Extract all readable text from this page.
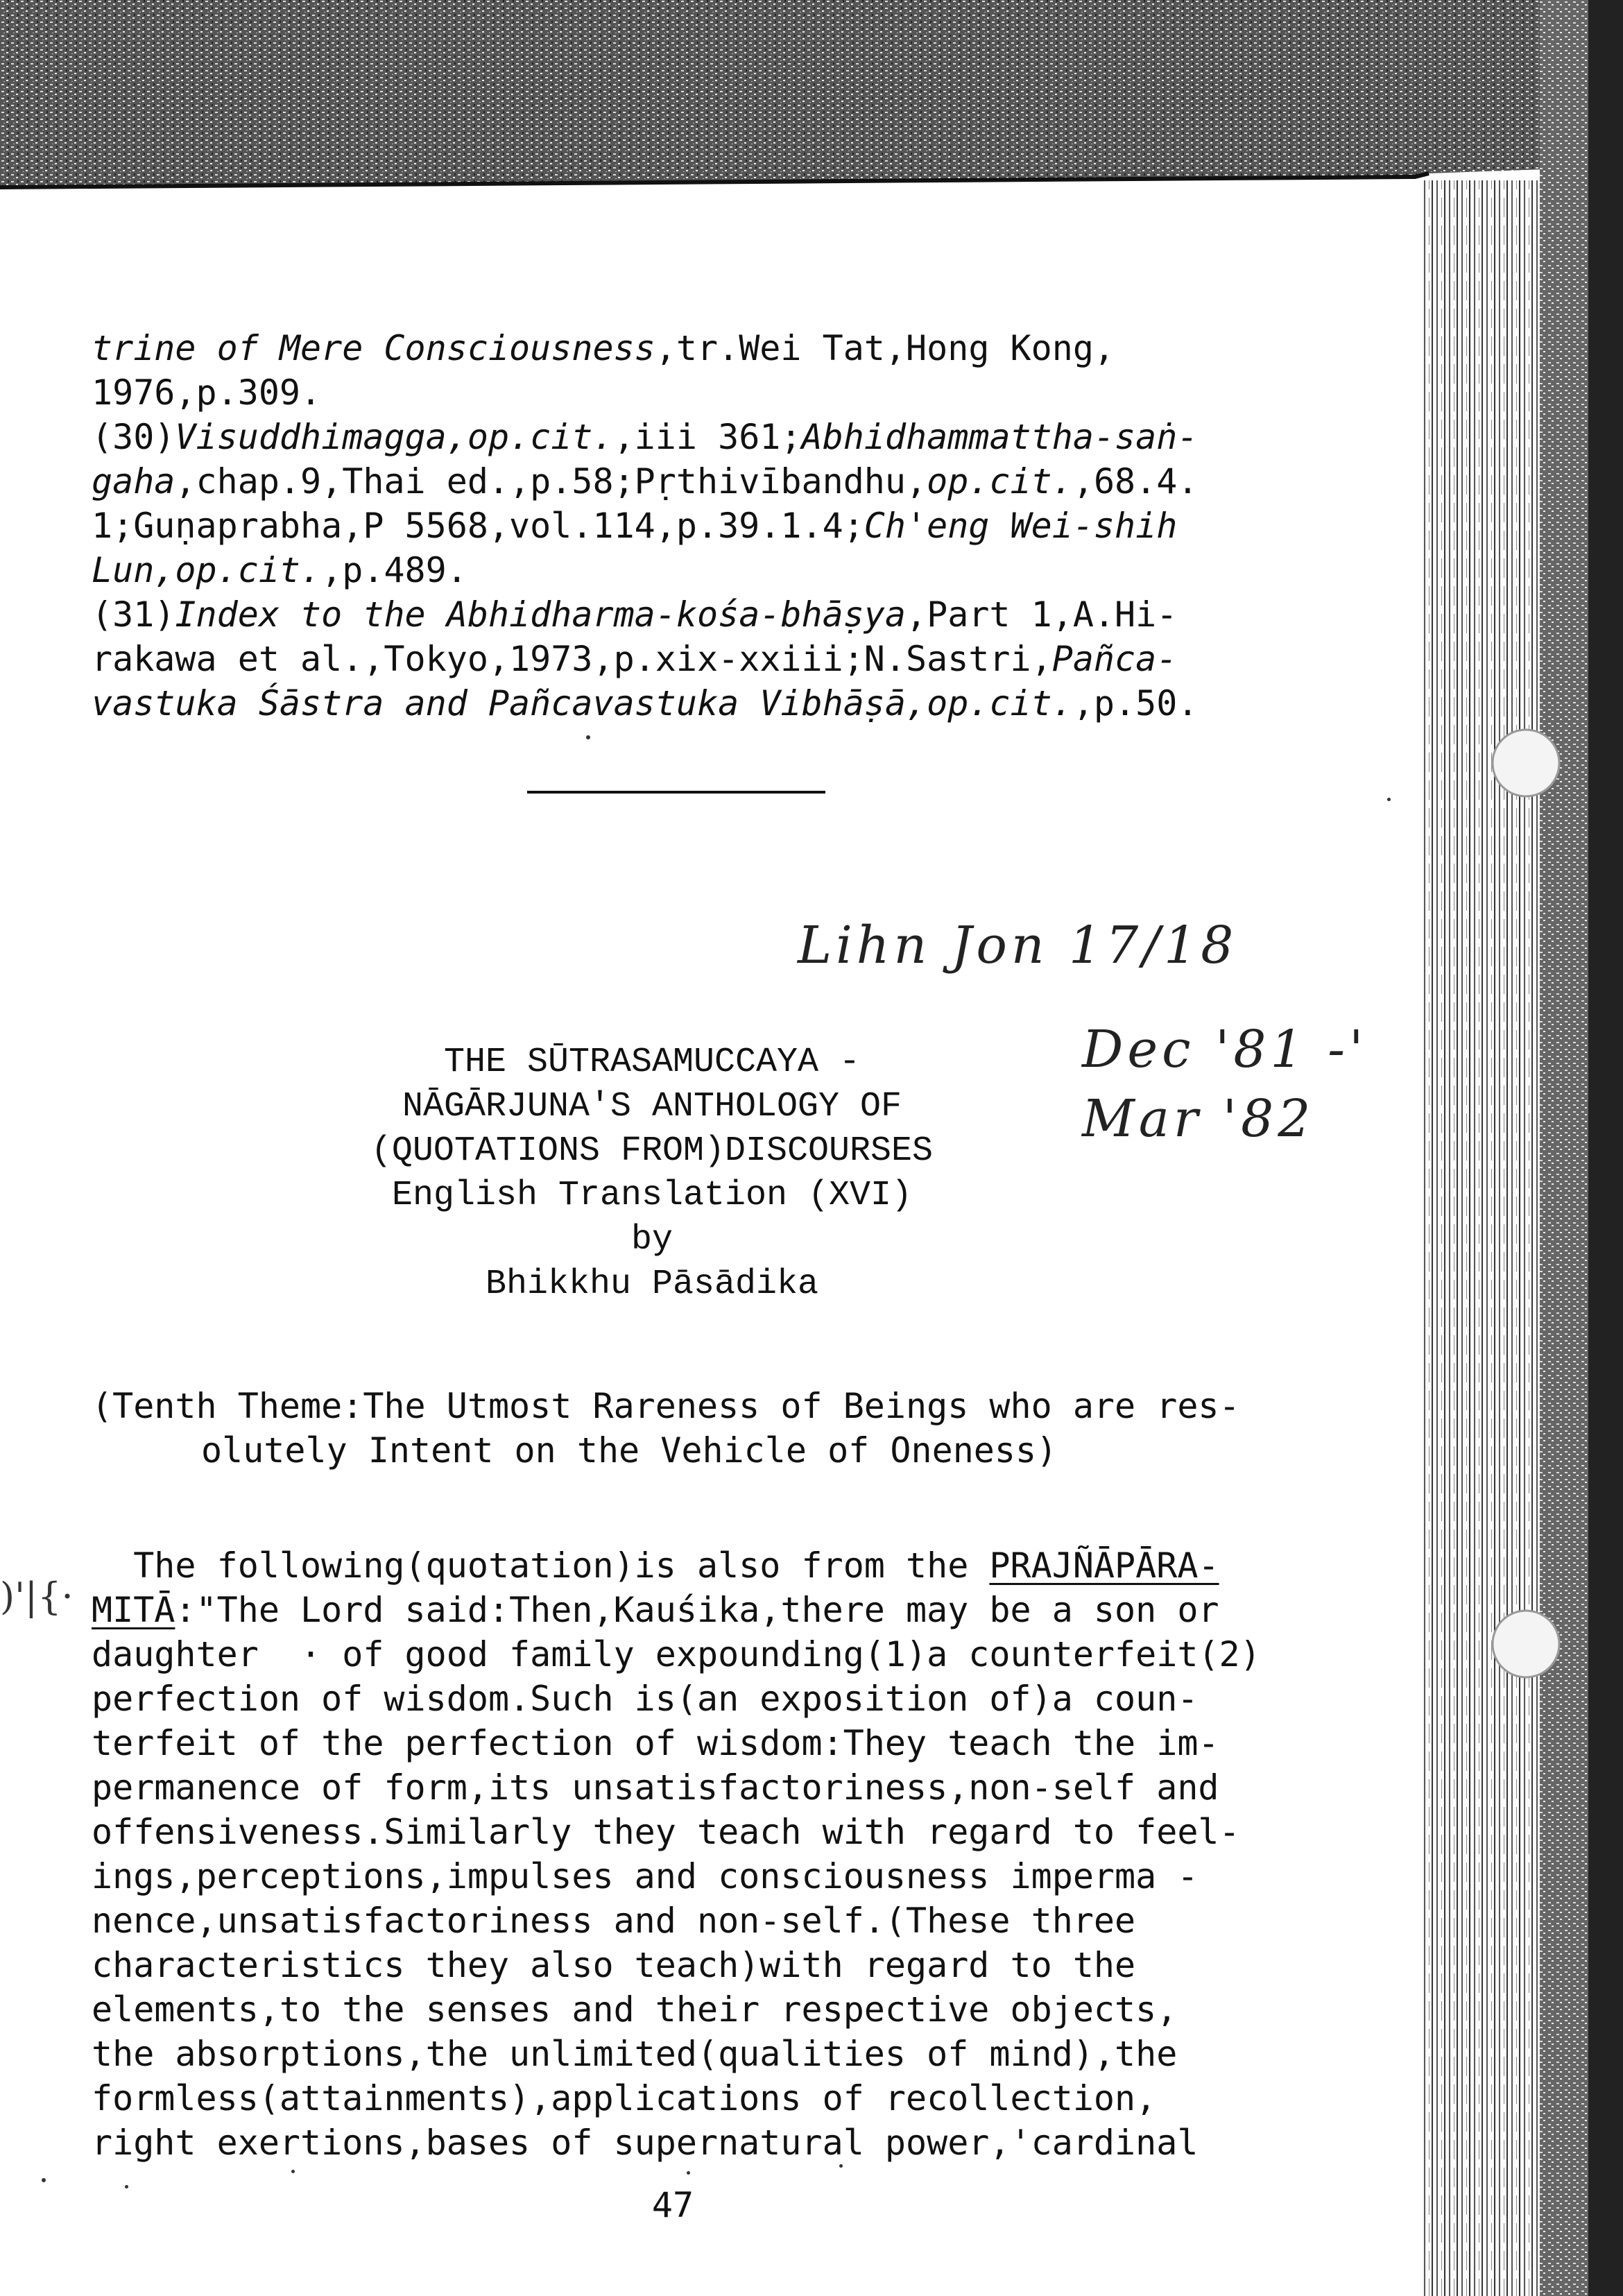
trine of Mere Consciousness,tr.Wei Tat,Hong Kong,
1976,p.309.
(30)Visuddhimagga,op.cit.,iii 361;Abhidhammattha-saṅ-
gaha,chap.9,Thai ed.,p.58;Pṛthivībandhu,op.cit.,68.4.
1;Guṇaprabha,P 5568,vol.114,p.39.1.4;Ch'eng Wei-shih
Lun,op.cit.,p.489.
(31)Index to the Abhidharma-kośa-bhāṣya,Part 1,A.Hi-
rakawa et al.,Tokyo,1973,p.xix-xxiii;N.Sastri,Pañca-
vastuka Śāstra and Pañcavastuka Vibhāṣā,op.cit.,p.50.
Lihn Jon 17/18
Dec '81 -'
Mar '82
THE SŪTRASAMUCCAYA -
NĀGĀRJUNA'S ANTHOLOGY OF
(QUOTATIONS FROM)DISCOURSES
English Translation (XVI)
by
Bhikkhu Pāsādika
(Tenth Theme:The Utmost Rareness of Beings who are res-
olutely Intent on the Vehicle of Oneness)
)'|{·
The following(quotation)is also from the PRAJÑĀPĀRA-
MITĀ:"The Lord said:Then,Kauśika,there may be a son or
daughter  · of good family expounding(1)a counterfeit(2)
perfection of wisdom.Such is(an exposition of)a coun-
terfeit of the perfection of wisdom:They teach the im-
permanence of form,its unsatisfactoriness,non-self and
offensiveness.Similarly they teach with regard to feel-
ings,perceptions,impulses and consciousness imperma -
nence,unsatisfactoriness and non-self.(These three
characteristics they also teach)with regard to the
elements,to the senses and their respective objects,
the absorptions,the unlimited(qualities of mind),the
formless(attainments),applications of recollection,
right exertions,bases of supernatural power,'cardinal
47
